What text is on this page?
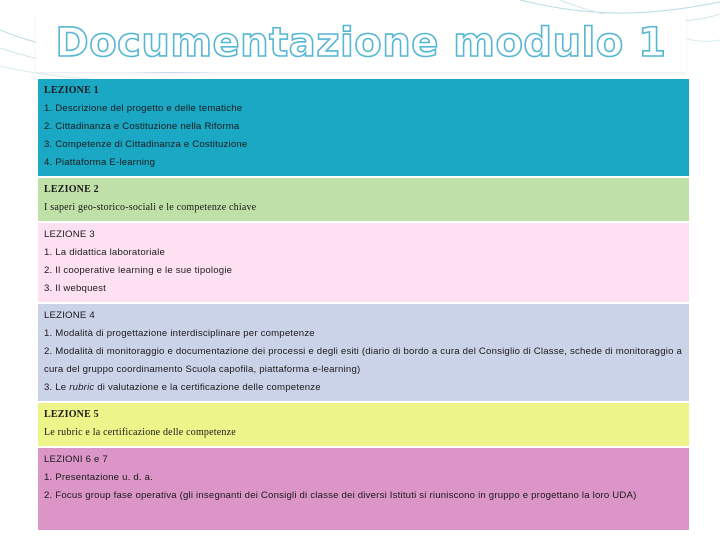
Documentazione modulo 1
LEZIONE 1
1. Descrizione del progetto e delle tematiche
2. Cittadinanza e Costituzione nella Riforma
3. Competenze di Cittadinanza e Costituzione
4. Piattaforma E-learning
LEZIONE 2
I saperi geo-storico-sociali e le competenze chiave
LEZIONE 3
1. La didattica laboratoriale
2. Il cooperative learning e le sue tipologie
3. Il webquest
LEZIONE 4
1. Modalità di progettazione interdisciplinare per competenze
2. Modalità di monitoraggio e documentazione dei processi e degli esiti (diario di bordo a cura del Consiglio di Classe, schede di monitoraggio a cura del gruppo coordinamento Scuola capofila, piattaforma e-learning)
3. Le rubric di valutazione e la certificazione delle competenze
LEZIONE 5
Le rubric e la certificazione delle competenze
LEZIONI 6 e 7
1. Presentazione u. d. a.
2. Focus group fase operativa (gli insegnanti dei Consigli di classe dei diversi Istituti si riuniscono in gruppo e progettano la loro UDA)
